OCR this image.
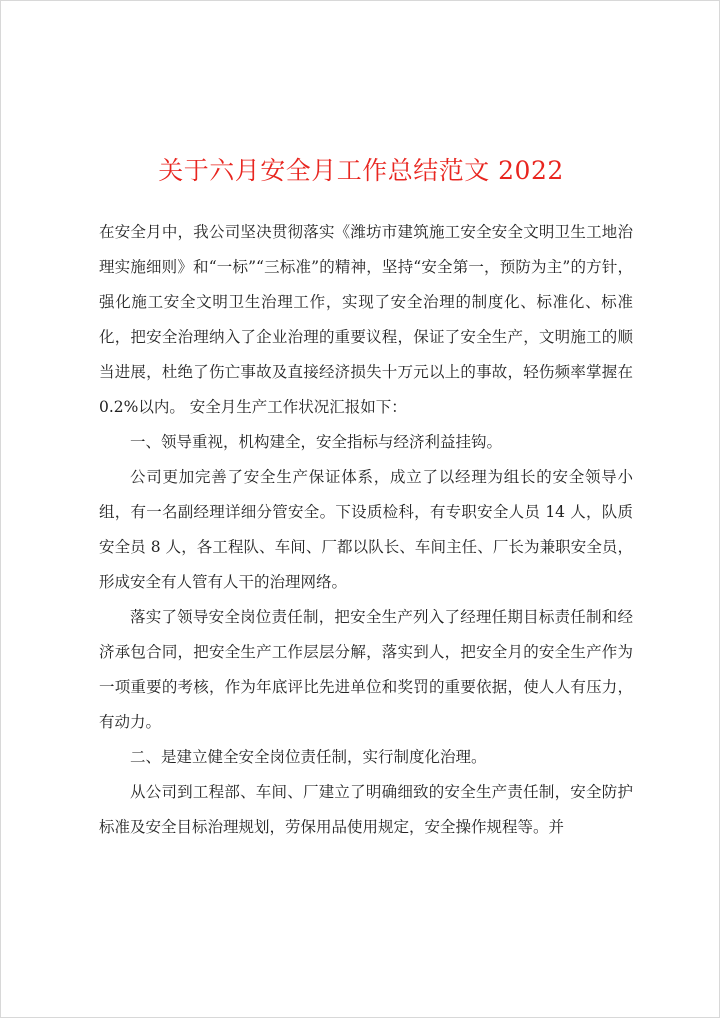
关于六月安全月工作总结范文 2022

在安全月中，我公司坚决贯彻落实《潍坊市建筑施工安全安全文明卫生工地治理实施细则》和“一标”“三标准”的精神，坚持“安全第一，预防为主”的方针，强化施工安全文明卫生治理工作，实现了安全治理的制度化、标准化、标准化，把安全治理纳入了企业治理的重要议程，保证了安全生产，文明施工的顺当进展，杜绝了伤亡事故及直接经济损失十万元以上的事故，轻伤频率掌握在 0.2%以内。 安全月生产工作状况汇报如下：

一、领导重视，机构建全，安全指标与经济利益挂钩。

公司更加完善了安全生产保证体系，成立了以经理为组长的安全领导小组，有一名副经理详细分管安全。下设质检科，有专职安全人员 14 人，队质安全员 8 人，各工程队、车间、厂都以队长、车间主任、厂长为兼职安全员，形成安全有人管有人干的治理网络。

落实了领导安全岗位责任制，把安全生产列入了经理任期目标责任制和经济承包合同，把安全生产工作层层分解，落实到人，把安全月的安全生产作为一项重要的考核，作为年底评比先进单位和奖罚的重要依据，使人人有压力，有动力。

二、是建立健全安全岗位责任制，实行制度化治理。

从公司到工程部、车间、厂建立了明确细致的安全生产责任制，安全防护标准及安全目标治理规划，劳保用品使用规定，安全操作规程等。并
